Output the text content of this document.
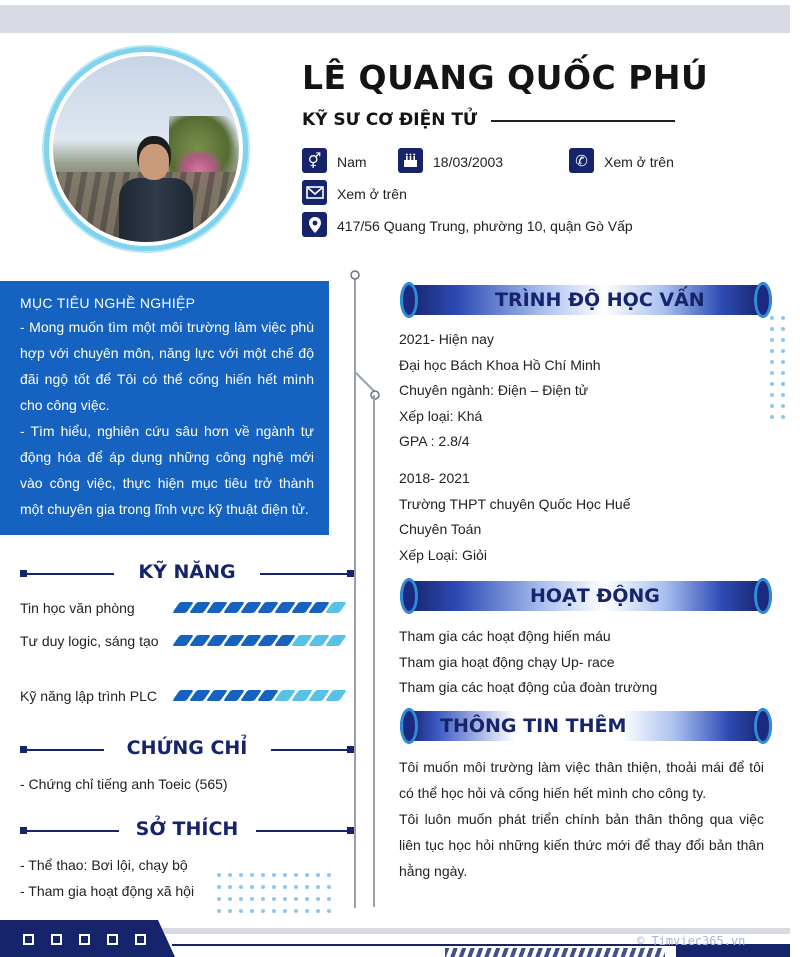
LÊ QUANG QUỐC PHÚ
KỸ SƯ CƠ ĐIỆN TỬ
⚥	Nam	18/03/2003	✆	Xem ở trên
Xem ở trên
417/56 Quang Trung, phường 10, quận Gò Vấp
MỤC TIÊU NGHỀ NGHIỆP
- Mong muốn tìm một môi trường làm việc phù hợp với chuyên môn, năng lực với một chế độ đãi ngộ tốt để Tôi có thể cống hiến hết mình cho công việc.
- Tìm hiểu, nghiên cứu sâu hơn về ngành tự động hóa để áp dụng những công nghệ mới vào công việc, thực hiện mục tiêu trở thành một chuyên gia trong lĩnh vực kỹ thuật điện tử.
KỸ NĂNG
Tin học văn phòng
Tư duy logic, sáng tạo
Kỹ năng lập trình PLC
CHỨNG CHỈ
- Chứng chỉ tiếng anh Toeic (565)
SỞ THÍCH
- Thể thao: Bơi lội, chạy bộ
- Tham gia hoạt động xã hội
TRÌNH ĐỘ HỌC VẤN
2021- Hiện nay
Đại học Bách Khoa Hồ Chí Minh
Chuyên ngành: Điện – Điện tử
Xếp loại: Khá
GPA : 2.8/4
2018- 2021
Trường THPT chuyên Quốc Học Huế
Chuyên Toán
Xếp Loại: Giỏi
HOẠT ĐỘNG
Tham gia các hoạt động hiến máu
Tham gia hoạt động chạy Up- race
Tham gia các hoạt động của đoàn trường
THÔNG TIN THÊM
Tôi muốn môi trường làm việc thân thiện, thoải mái để tôi có thể học hỏi và cống hiến hết mình cho công ty.
Tôi luôn muốn phát triển chính bản thân thông qua việc liên tục học hỏi những kiến thức mới để thay đổi bản thân hằng ngày.
© Timviec365.vn
